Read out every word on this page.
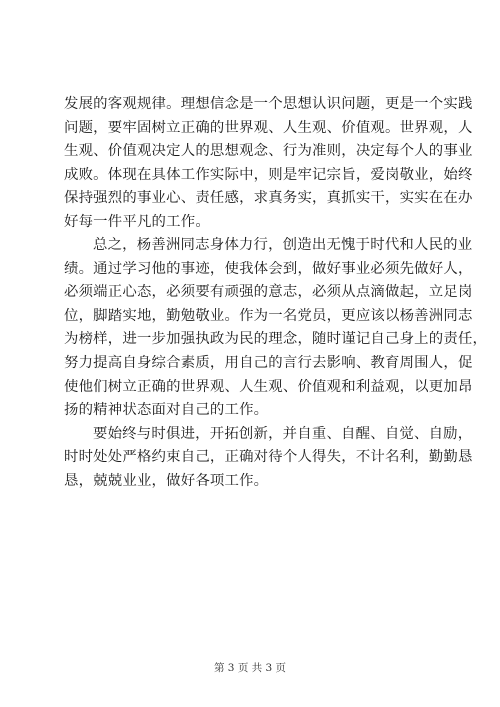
发展的客观规律。理想信念是一个思想认识问题，更是一个实践
问题，要牢固树立正确的世界观、人生观、价值观。世界观，人
生观、价值观决定人的思想观念、行为准则，决定每个人的事业
成败。体现在具体工作实际中，则是牢记宗旨，爱岗敬业，始终
保持强烈的事业心、责任感，求真务实，真抓实干，实实在在办
好每一件平凡的工作。
总之，杨善洲同志身体力行，创造出无愧于时代和人民的业
绩。通过学习他的事迹，使我体会到，做好事业必须先做好人，
必须端正心态，必须要有顽强的意志，必须从点滴做起，立足岗
位，脚踏实地，勤勉敬业。作为一名党员，更应该以杨善洲同志
为榜样，进一步加强执政为民的理念，随时谨记自己身上的责任，
努力提高自身综合素质，用自己的言行去影响、教育周围人，促
使他们树立正确的世界观、人生观、价值观和利益观，以更加昂
扬的精神状态面对自己的工作。
要始终与时俱进，开拓创新，并自重、自醒、自觉、自励，
时时处处严格约束自己，正确对待个人得失，不计名利，勤勤恳
恳，兢兢业业，做好各项工作。
第 3 页 共 3 页
